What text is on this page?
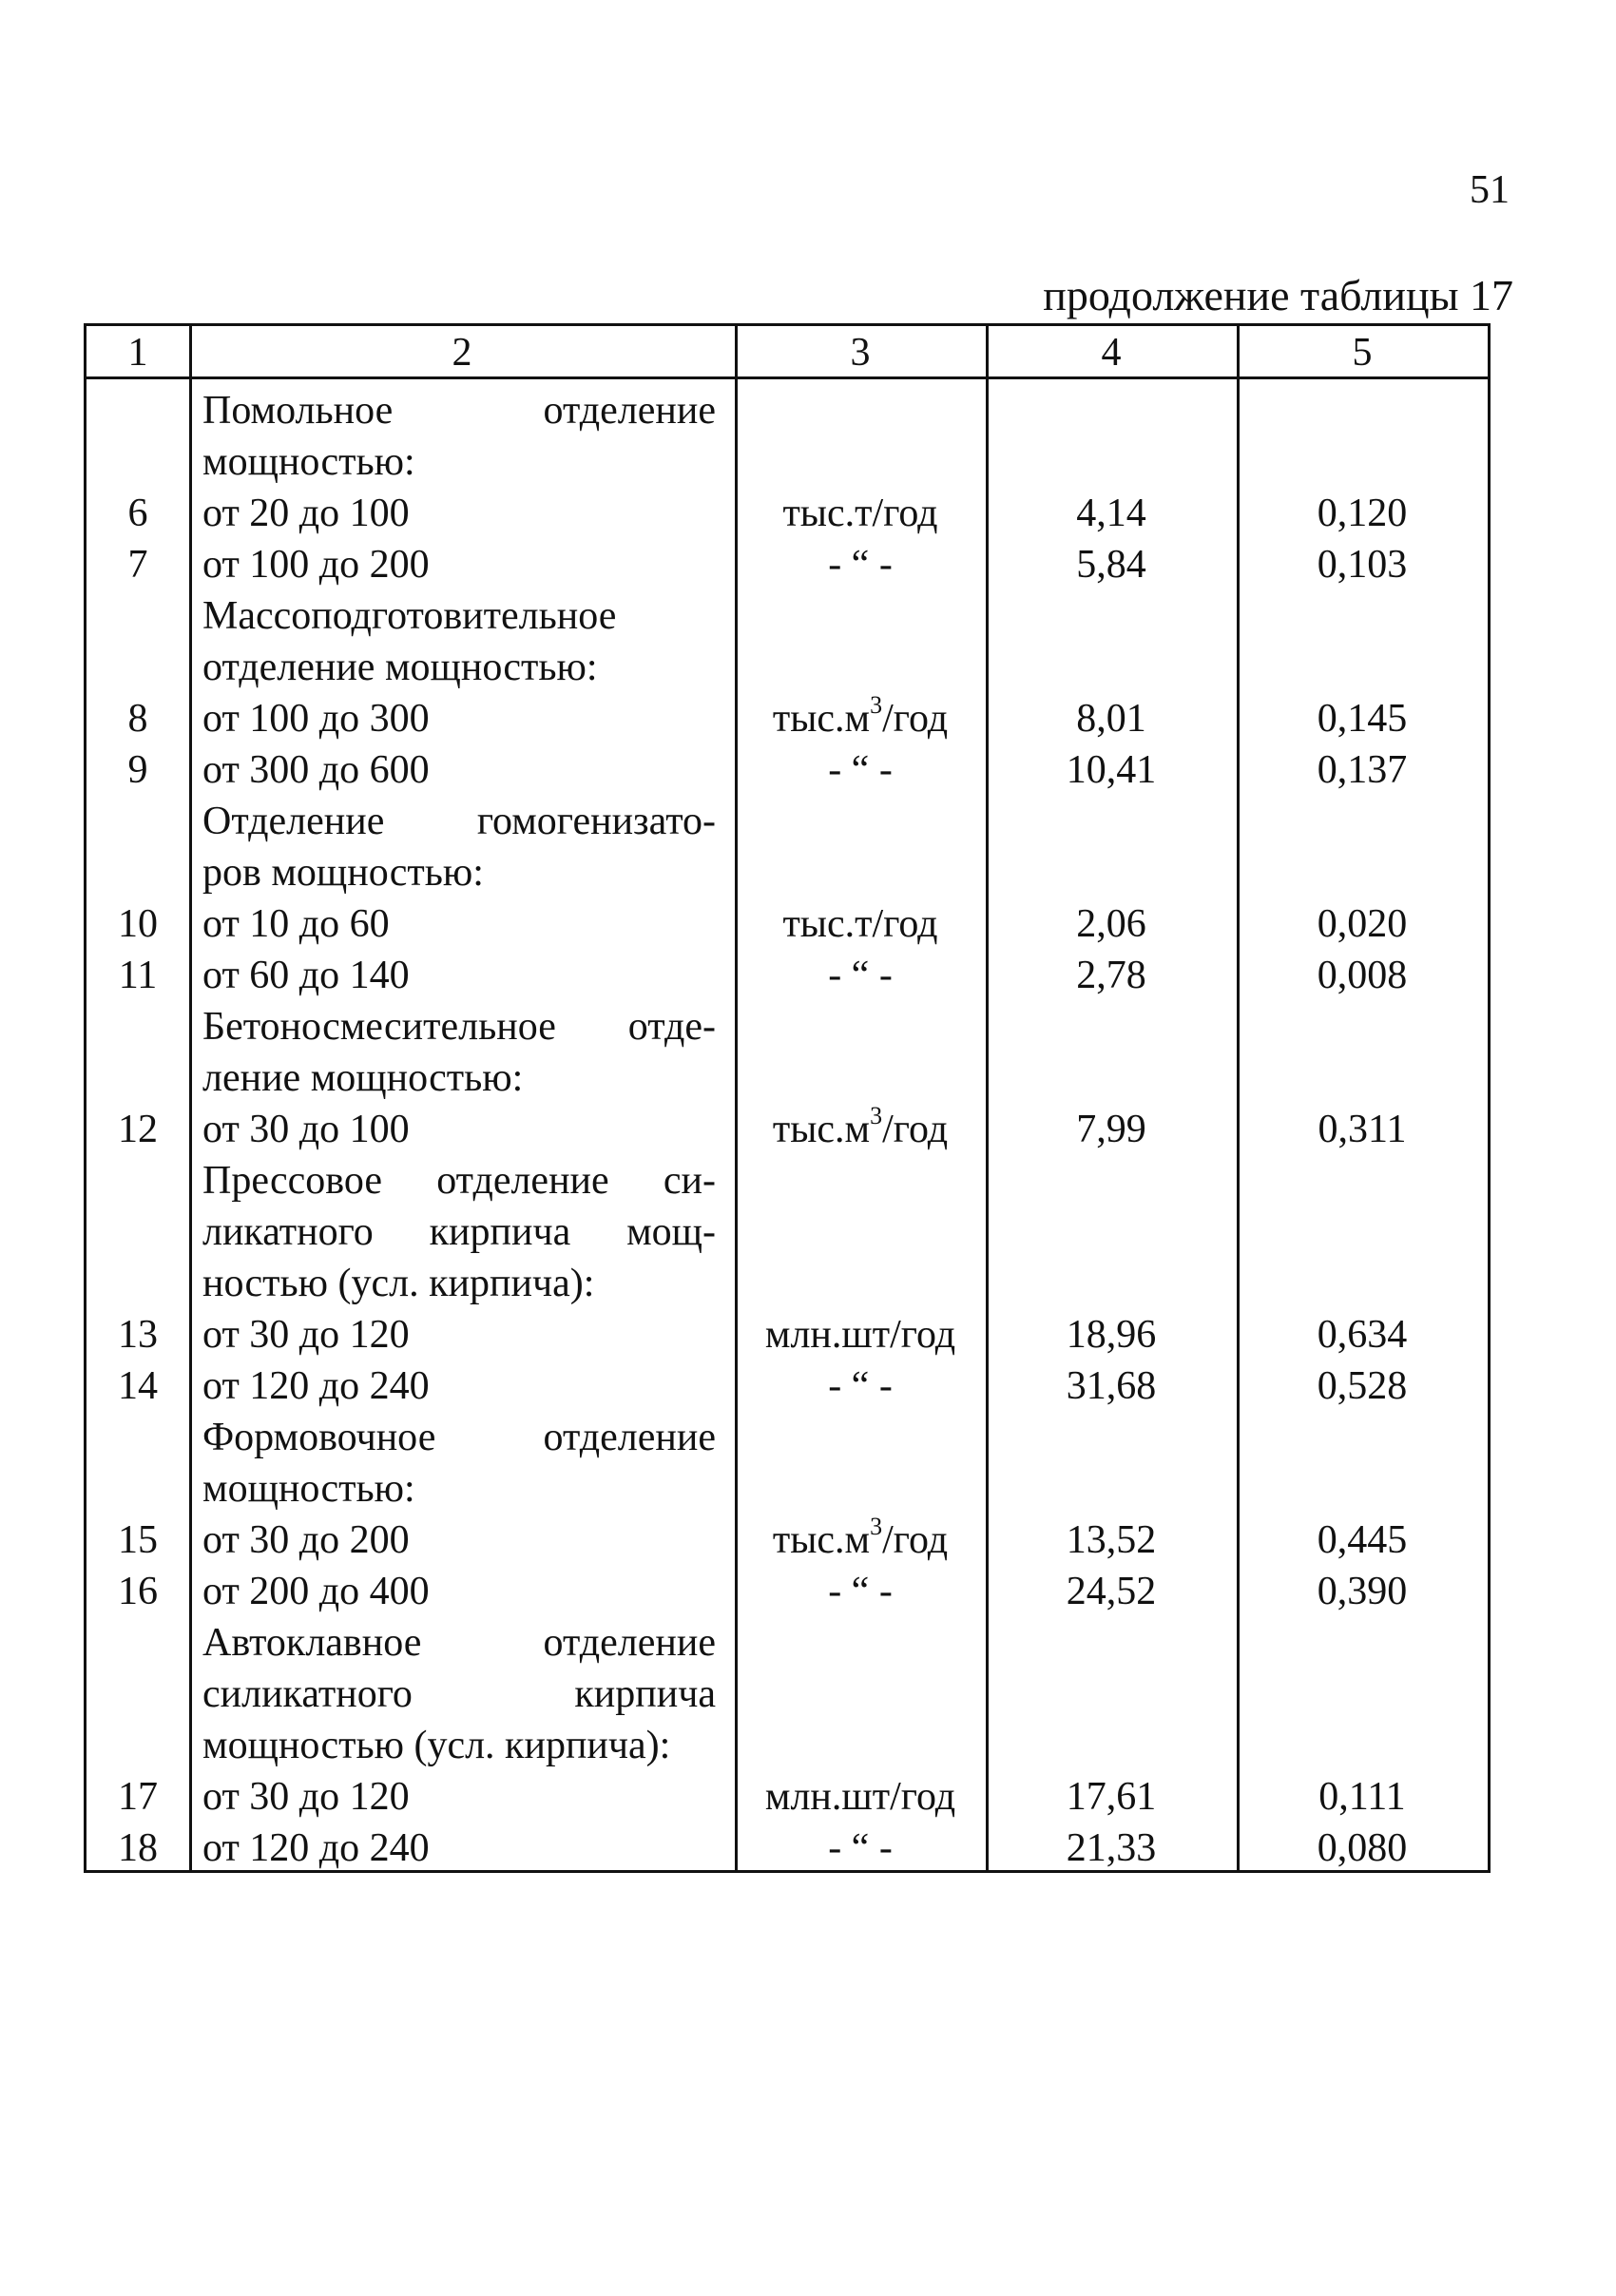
51
продолжение таблицы 17
1	2	3	4	5
Помольное	отделение
мощностью:
6	от 20 до 100	тыс.т/год	4,14	0,120
7	от 100 до 200	- “ -	5,84	0,103
Массоподготовительное
отделение мощностью:
8	от 100 до 300	$тыс.м^3$/год	8,01	0,145
9	от 300 до 600	- “ -	10,41	0,137
Отделение гомогенизато-
ров мощностью:
10	от 10 до 60	тыс.т/год	2,06	0,020
11	от 60 до 140	- “ -	2,78	0,008
Бетоносмесительное отде-
ление мощностью:
12	от 30 до 100	$тыс.м^3$/год	7,99	0,311
Прессовое отделение си-
ликатного кирпича мощ-
ностью (усл. кирпича):
13	от 30 до 120	млн.шт/год	18,96	0,634
14	от 120 до 240	- “ -	31,68	0,528
Формовочное	отделение
мощностью:
15	от 30 до 200	$тыс.м^3$/год	13,52	0,445
16	от 200 до 400	- “ -	24,52	0,390
Автоклавное	отделение
силикатного	кирпича
мощностью (усл. кирпича):
17	от 30 до 120	млн.шт/год	17,61	0,111
18	от 120 до 240	- “ -	21,33	0,080
